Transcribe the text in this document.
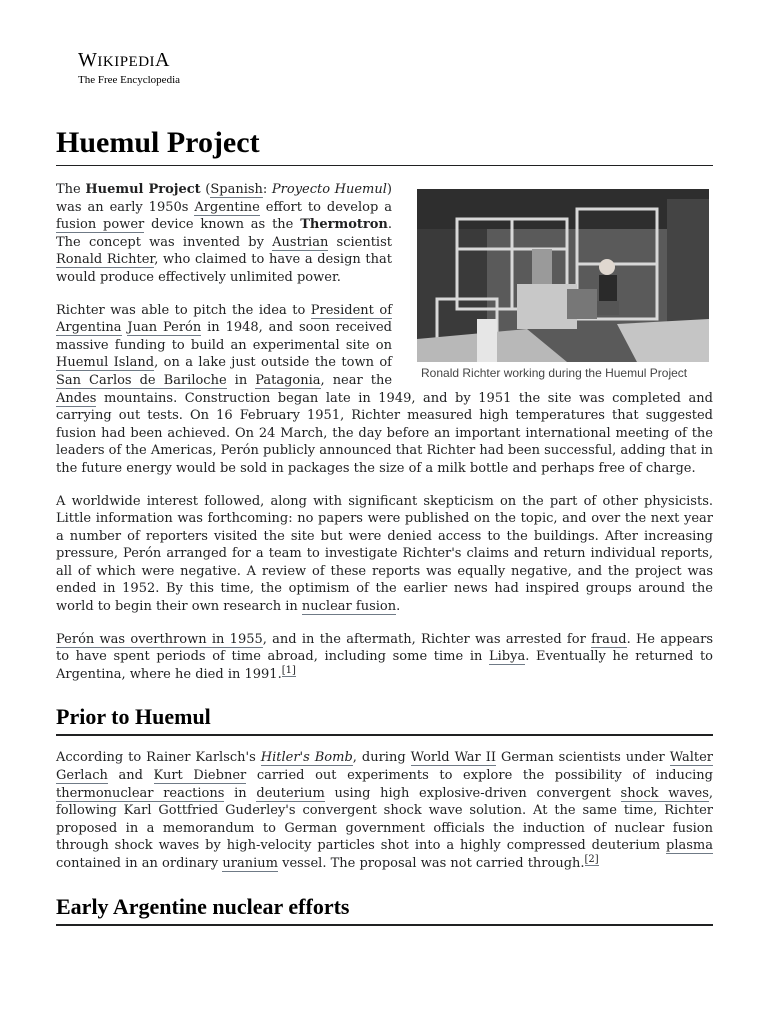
WIKIPEDIA
The Free Encyclopedia
Huemul Project
Ronald Richter working during the Huemul Project

The Huemul Project (Spanish: Proyecto Huemul) was an early 1950s Argentine effort to develop a fusion power device known as the Thermotron. The concept was invented by Austrian scientist Ronald Richter, who claimed to have a design that would produce effectively unlimited power.

Richter was able to pitch the idea to President of Argentina Juan Perón in 1948, and soon received massive funding to build an experimental site on Huemul Island, on a lake just outside the town of San Carlos de Bariloche in Patagonia, near the Andes mountains. Construction began late in 1949, and by 1951 the site was completed and carrying out tests. On 16 February 1951, Richter measured high temperatures that suggested fusion had been achieved. On 24 March, the day before an important international meeting of the leaders of the Americas, Perón publicly announced that Richter had been successful, adding that in the future energy would be sold in packages the size of a milk bottle and perhaps free of charge.

A worldwide interest followed, along with significant skepticism on the part of other physicists. Little information was forthcoming: no papers were published on the topic, and over the next year a number of reporters visited the site but were denied access to the buildings. After increasing pressure, Perón arranged for a team to investigate Richter's claims and return individual reports, all of which were negative. A review of these reports was equally negative, and the project was ended in 1952. By this time, the optimism of the earlier news had inspired groups around the world to begin their own research in nuclear fusion.

Perón was overthrown in 1955, and in the aftermath, Richter was arrested for fraud. He appears to have spent periods of time abroad, including some time in Libya. Eventually he returned to Argentina, where he died in 1991.[1]

Prior to Huemul

According to Rainer Karlsch's Hitler's Bomb, during World War II German scientists under Walter Gerlach and Kurt Diebner carried out experiments to explore the possibility of inducing thermonuclear reactions in deuterium using high explosive-driven convergent shock waves, following Karl Gottfried Guderley's convergent shock wave solution. At the same time, Richter proposed in a memorandum to German government officials the induction of nuclear fusion through shock waves by high-velocity particles shot into a highly compressed deuterium plasma contained in an ordinary uranium vessel. The proposal was not carried through.[2]

Early Argentine nuclear efforts
